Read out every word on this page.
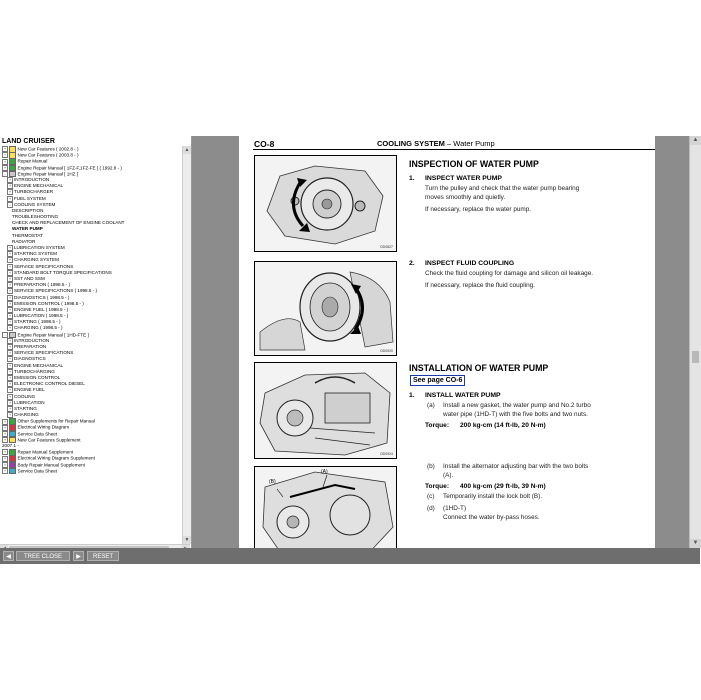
LAND CRUISER
+ New Car Features ( 2002.8 - )
+ New Car Features ( 2003.8 - )
+ Repair Manual
+ Engine Repair Manual [ 1FZ-F,1FZ-FE ] ( 1992.8 - )
-	Engine Repair Manual [ 1HZ ]
+ INTRODUCTION
+ ENGINE MECHANICAL
+ TURBOCHARGER
+ FUEL SYSTEM
- COOLING SYSTEM
DESCRIPTION
TROUBLESHOOTING
CHECK AND REPLACEMENT OF ENGINE COOLANT
WATER PUMP
THERMOSTAT
RADIATOR
+ LUBRICATION SYSTEM
+ STARTING SYSTEM
+ CHARGING SYSTEM
+ SERVICE SPECIFICATIONS
+ STANDARD BOLT TORQUE SPECIFICATIONS
+ SST AND SSM
+ PREPARATION ( 1998.5 - )
+ SERVICE SPECIFICATIONS ( 1998.5 - )
+ DIAGNOSTICS ( 1998.5 - )
+ EMISSION CONTROL ( 1998.5 - )
+ ENGINE FUEL ( 1998.5 - )
+ LUBRICATION ( 1998.5 - )
+ STARTING ( 1998.5 - )
+ CHARGING ( 1998.5 - )
-	Engine Repair Manual [ 1HD-FTE ]
+ INTRODUCTION
+ PREPARATION
+ SERVICE SPECIFICATIONS
+ DIAGNOSTICS
+ ENGINE MECHANICAL
+ TURBOCHARGING
+ EMISSION CONTROL
+ ELECTRONIC CONTROL DIESEL
+ ENGINE FUEL
+ COOLING
+ LUBRICATION
+ STARTING
+ CHARGING
+ Other Supplements for Repair Manual
+ Electrical Wiring Diagram
+ Service Data Sheet
+ New Car Features Supplement
2007.1 -
+ Repair Manual Supplement
+ Electrical Wiring Diagram Supplement
+ Body Repair Manual Supplement
+ Service Data Sheet
▲
▼
CO-8	COOLING SYSTEM – Water Pump
OD0827
OD0920
OD0924
(A)
(B)
INSPECTION OF WATER PUMP
1. INSPECT WATER PUMP
Turn the pulley and check that the water pump bearing
moves smoothly and quietly.
If necessary, replace the water pump.
2. INSPECT FLUID COUPLING
Check the fluid coupling for damage and silicon oil leakage.
If necessary, replace the fluid coupling.
INSTALLATION OF WATER PUMP
See page CO-6
1. INSTALL WATER PUMP
(a) Install a new gasket, the water pump and No.2 turbo
water pipe (1HD-T) with the five bolts and two nuts.
Torque: 200 kg-cm (14 ft-lb, 20 N-m)
(b) Install the alternator adjusting bar with the two bolts
(A).
Torque: 400 kg-cm (29 ft-lb, 39 N-m)
(c) Temporarily install the lock bolt (B).
(d) (1HD-T)
Connect the water by-pass hoses.
▲
▼
◀	TREE CLOSE	▶	RESET
